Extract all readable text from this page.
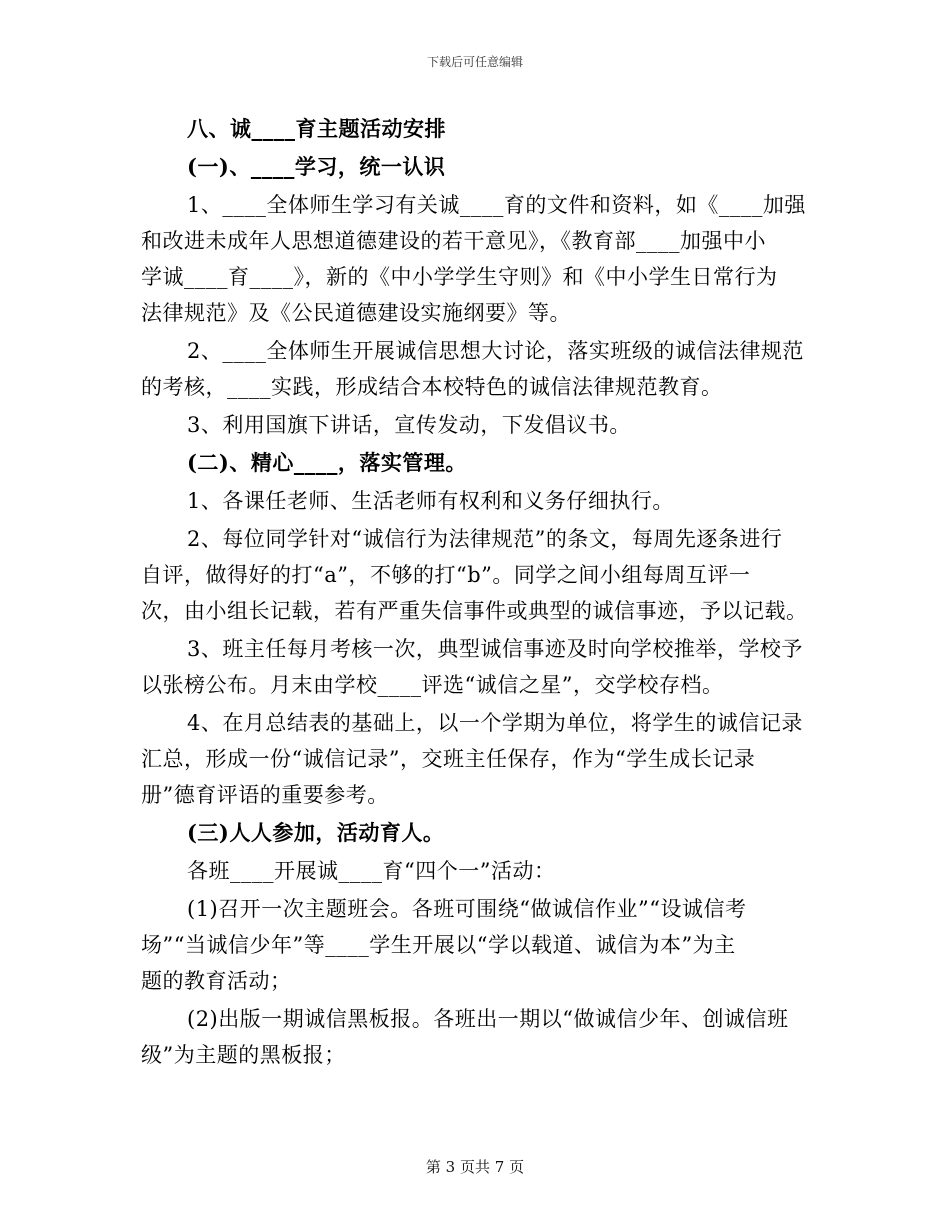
下载后可任意编辑
八、诚____育主题活动安排
(一)、____学习，统一认识
1、____全体师生学习有关诚____育的文件和资料，如《____加强
和改进未成年人思想道德建设的若干意见》，《教育部____加强中小
学诚____育____》，新的《中小学学生守则》和《中小学生日常行为
法律规范》及《公民道德建设实施纲要》等。
2、____全体师生开展诚信思想大讨论，落实班级的诚信法律规范
的考核，____实践，形成结合本校特色的诚信法律规范教育。
3、利用国旗下讲话，宣传发动，下发倡议书。
(二)、精心____，落实管理。
1、各课任老师、生活老师有权利和义务仔细执行。
2、每位同学针对“诚信行为法律规范”的条文，每周先逐条进行
自评，做得好的打“a”，不够的打“b”。同学之间小组每周互评一
次，由小组长记载，若有严重失信事件或典型的诚信事迹，予以记载。
3、班主任每月考核一次，典型诚信事迹及时向学校推举，学校予
以张榜公布。月末由学校____评选“诚信之星”，交学校存档。
4、在月总结表的基础上，以一个学期为单位，将学生的诚信记录
汇总，形成一份“诚信记录”，交班主任保存，作为“学生成长记录
册”德育评语的重要参考。
(三)人人参加，活动育人。
各班____开展诚____育“四个一”活动：
(1)召开一次主题班会。各班可围绕“做诚信作业”“设诚信考
场”“当诚信少年”等____学生开展以“学以载道、诚信为本”为主
题的教育活动；
(2)出版一期诚信黑板报。各班出一期以“做诚信少年、创诚信班
级”为主题的黑板报；
第 3 页共 7 页
